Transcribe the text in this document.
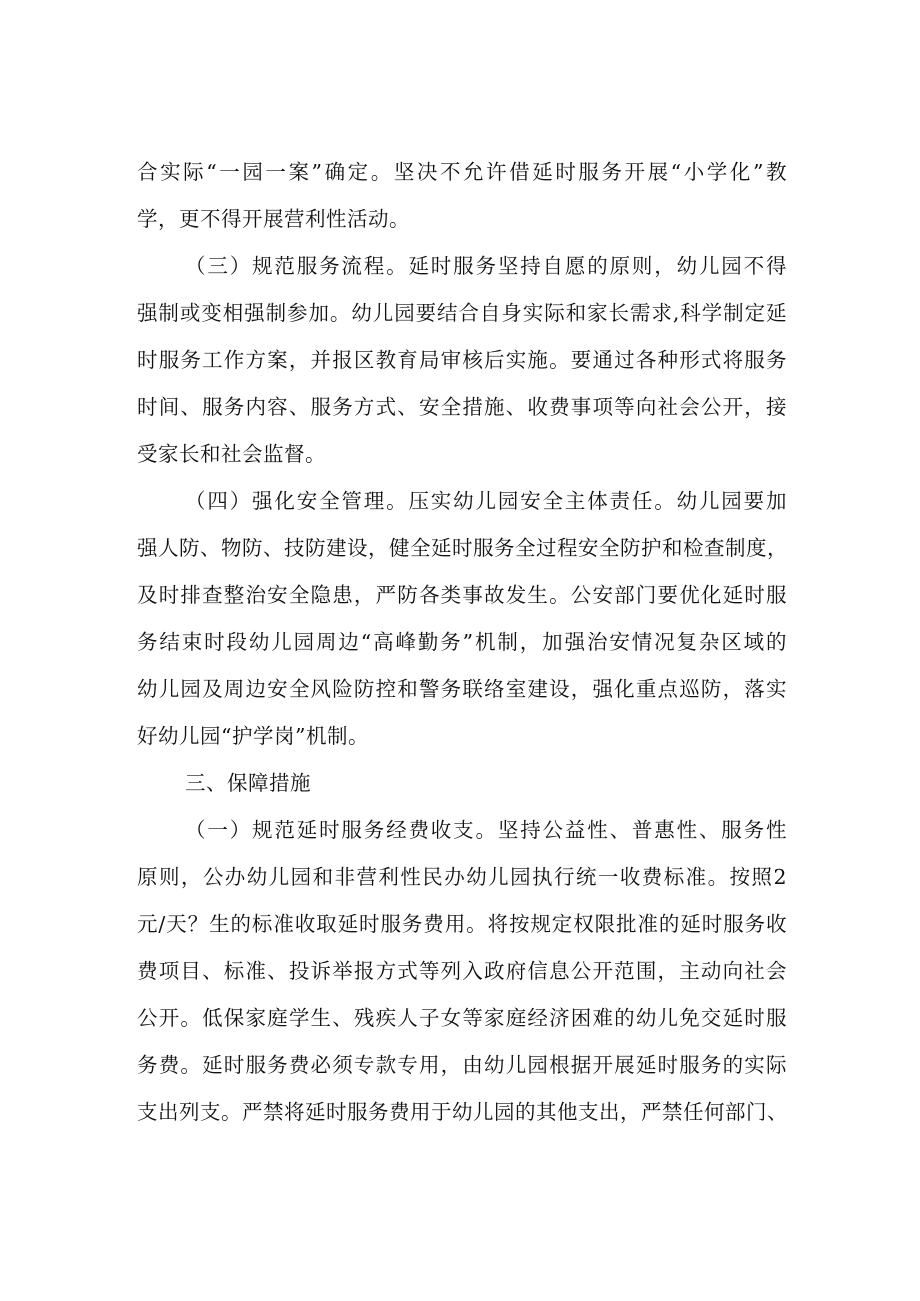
合实际“一园一案”确定。坚决不允许借延时服务开展“小学化”教
学，更不得开展营利性活动。
（三）规范服务流程。延时服务坚持自愿的原则，幼儿园不得
强制或变相强制参加。幼儿园要结合自身实际和家长需求,科学制定延
时服务工作方案，并报区教育局审核后实施。要通过各种形式将服务
时间、服务内容、服务方式、安全措施、收费事项等向社会公开，接
受家长和社会监督。
（四）强化安全管理。压实幼儿园安全主体责任。幼儿园要加
强人防、物防、技防建设，健全延时服务全过程安全防护和检查制度，
及时排查整治安全隐患，严防各类事故发生。公安部门要优化延时服
务结束时段幼儿园周边“高峰勤务”机制，加强治安情况复杂区域的
幼儿园及周边安全风险防控和警务联络室建设，强化重点巡防，落实
好幼儿园“护学岗”机制。
三、保障措施
（一）规范延时服务经费收支。坚持公益性、普惠性、服务性
原则，公办幼儿园和非营利性民办幼儿园执行统一收费标准。按照2
元/天？生的标准收取延时服务费用。将按规定权限批准的延时服务收
费项目、标准、投诉举报方式等列入政府信息公开范围，主动向社会
公开。低保家庭学生、残疾人子女等家庭经济困难的幼儿免交延时服
务费。延时服务费必须专款专用，由幼儿园根据开展延时服务的实际
支出列支。严禁将延时服务费用于幼儿园的其他支出，严禁任何部门、
